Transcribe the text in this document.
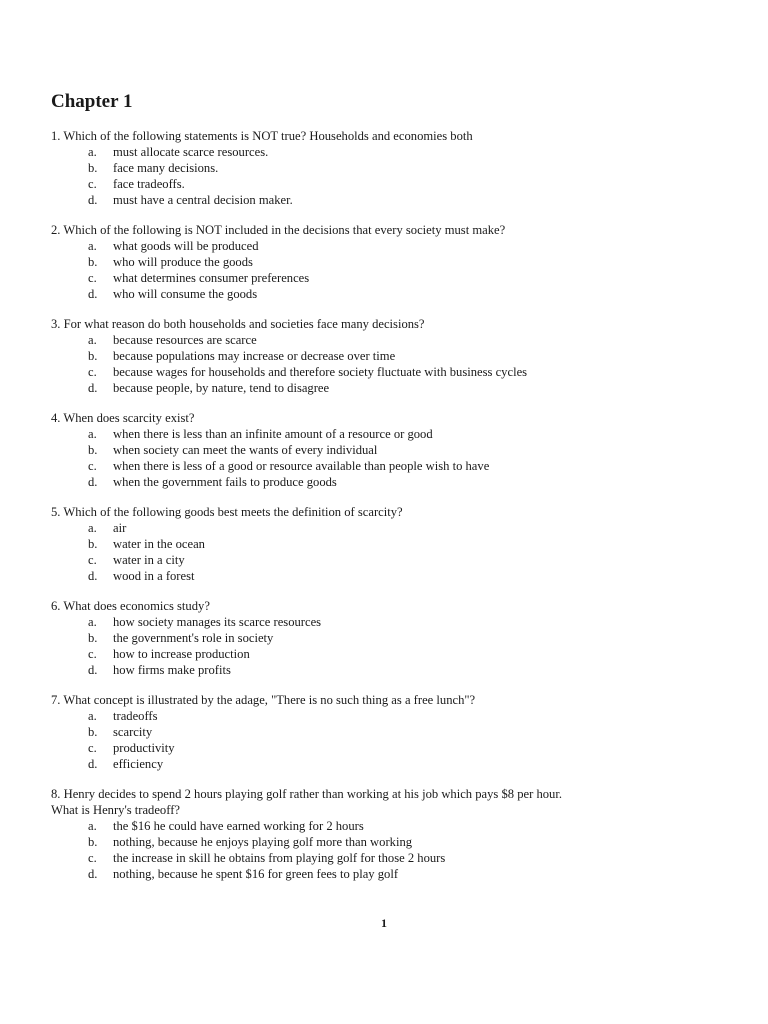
Chapter 1

1. Which of the following statements is NOT true? Households and economies both

a. must allocate scarce resources.
b. face many decisions.
c. face tradeoffs.
d. must have a central decision maker.

2. Which of the following is NOT included in the decisions that every society must make?

a. what goods will be produced
b. who will produce the goods
c. what determines consumer preferences
d. who will consume the goods

3. For what reason do both households and societies face many decisions?

a. because resources are scarce
b. because populations may increase or decrease over time
c. because wages for households and therefore society fluctuate with business cycles
d. because people, by nature, tend to disagree

4. When does scarcity exist?

a. when there is less than an infinite amount of a resource or good
b. when society can meet the wants of every individual
c. when there is less of a good or resource available than people wish to have
d. when the government fails to produce goods

5. Which of the following goods best meets the definition of scarcity?

a. air
b. water in the ocean
c. water in a city
d. wood in a forest

6. What does economics study?

a. how society manages its scarce resources
b. the government's role in society
c. how to increase production
d. how firms make profits

7. What concept is illustrated by the adage, "There is no such thing as a free lunch"?

a. tradeoffs
b. scarcity
c. productivity
d. efficiency

8. Henry decides to spend 2 hours playing golf rather than working at his job which pays $8 per hour.

What is Henry's tradeoff?

a. the $16 he could have earned working for 2 hours
b. nothing, because he enjoys playing golf more than working
c. the increase in skill he obtains from playing golf for those 2 hours
d. nothing, because he spent $16 for green fees to play golf
1
